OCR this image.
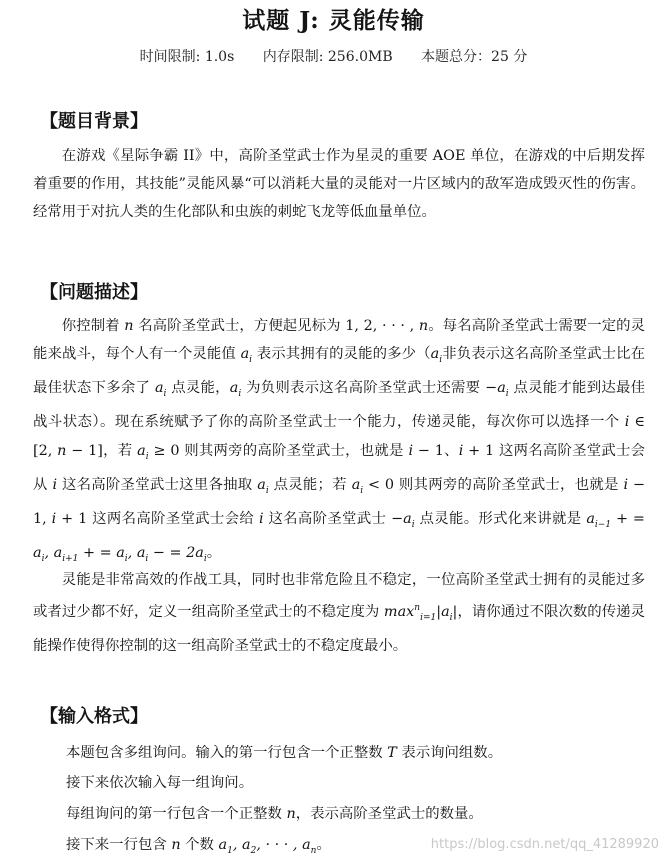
试题 J: 灵能传输
时间限制: 1.0s 内存限制: 256.0MB 本题总分：25 分
【题目背景】
在游戏《星际争霸 II》中，高阶圣堂武士作为星灵的重要 AOE 单位，在游戏的中后期发挥着重要的作用，其技能”灵能风暴“可以消耗大量的灵能对一片区域内的敌军造成毁灭性的伤害。经常用于对抗人类的生化部队和虫族的刺蛇飞龙等低血量单位。
【问题描述】
你控制着 n 名高阶圣堂武士，方便起见标为 1, 2, · · · , n。每名高阶圣堂武士需要一定的灵能来战斗，每个人有一个灵能值 $a_i$ 表示其拥有的灵能的多少（$a_i$非负表示这名高阶圣堂武士比在最佳状态下多余了 $a_i$ 点灵能，$a_i$ 为负则表示这名高阶圣堂武士还需要 $-a_i$ 点灵能才能到达最佳战斗状态）。现在系统赋予了你的高阶圣堂武士一个能力，传递灵能，每次你可以选择一个 i ∈ [2, n − 1]，若 $a_i \ge 0$ 则其两旁的高阶圣堂武士，也就是 i − 1、i + 1 这两名高阶圣堂武士会从 i 这名高阶圣堂武士这里各抽取 $a_i$ 点灵能；若 $a_i < 0$ 则其两旁的高阶圣堂武士，也就是 i − 1, i + 1 这两名高阶圣堂武士会给 i 这名高阶圣堂武士 $-a_i$ 点灵能。形式化来讲就是 $a_{i-1}$ + = $a_i$, $a_{i+1}$ + = $a_i$, $a_i$ − = $2a_i$。
灵能是非常高效的作战工具，同时也非常危险且不稳定，一位高阶圣堂武士拥有的灵能过多或者过少都不好，定义一组高阶圣堂武士的不稳定度为 $\max^n_{i=1}|a_i|$，请你通过不限次数的传递灵能操作使得你控制的这一组高阶圣堂武士的不稳定度最小。
【输入格式】
本题包含多组询问。输入的第一行包含一个正整数 T 表示询问组数。
接下来依次输入每一组询问。
每组询问的第一行包含一个正整数 n，表示高阶圣堂武士的数量。
接下来一行包含 n 个数 $a_1$, $a_2$, · · · , $a_n$。	https://blog.csdn.net/qq_41289920
